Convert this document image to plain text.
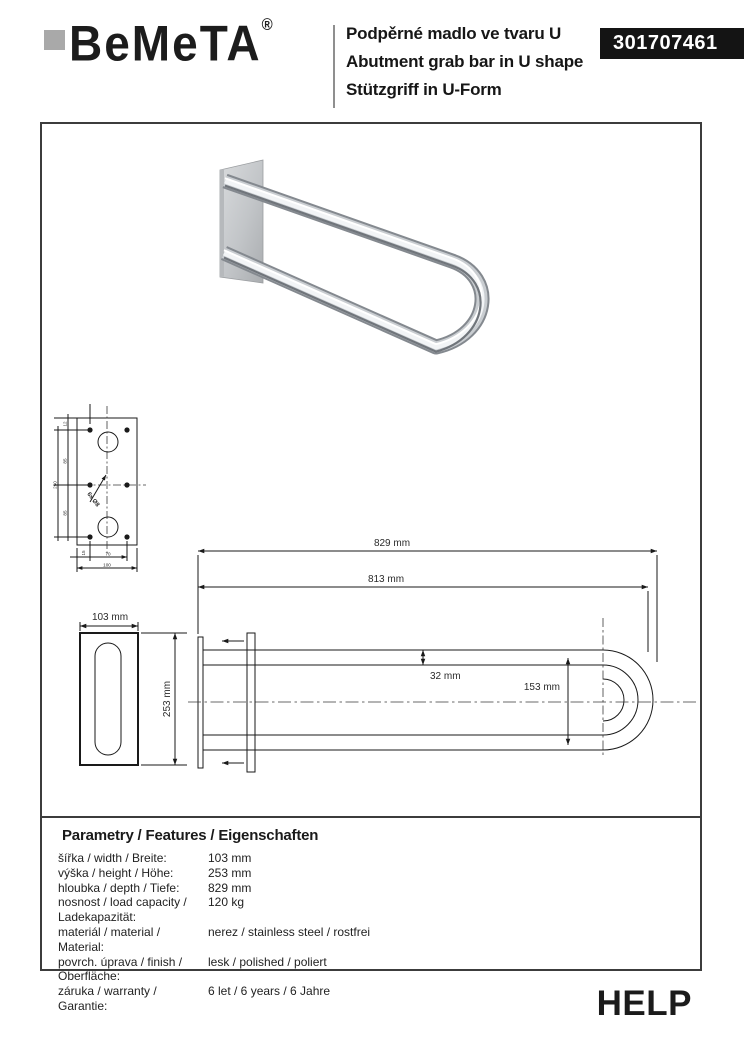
BeMeTA®	Podpěrné madlo ve tvaru U
Abutment grab bar in U shape
Stützgriff in U-Form
301707461
6x Ø8
12
85
85
250
15	70
100
103 mm
253 mm
829 mm
813 mm
32 mm
153 mm
Parametry / Features / Eigenschaften
šířka / width / Breite:	103 mm
výška / height / Höhe:	253 mm
hloubka / depth / Tiefe:	829 mm
nosnost / load capacity / Ladekapazität:
120 kg
materiál / material / Material:
nerez / stainless steel / rostfrei
povrch. úprava / finish / Oberfläche:
lesk / polished / poliert
záruka / warranty / Garantie:
6 let / 6 years / 6 Jahre	HELP
